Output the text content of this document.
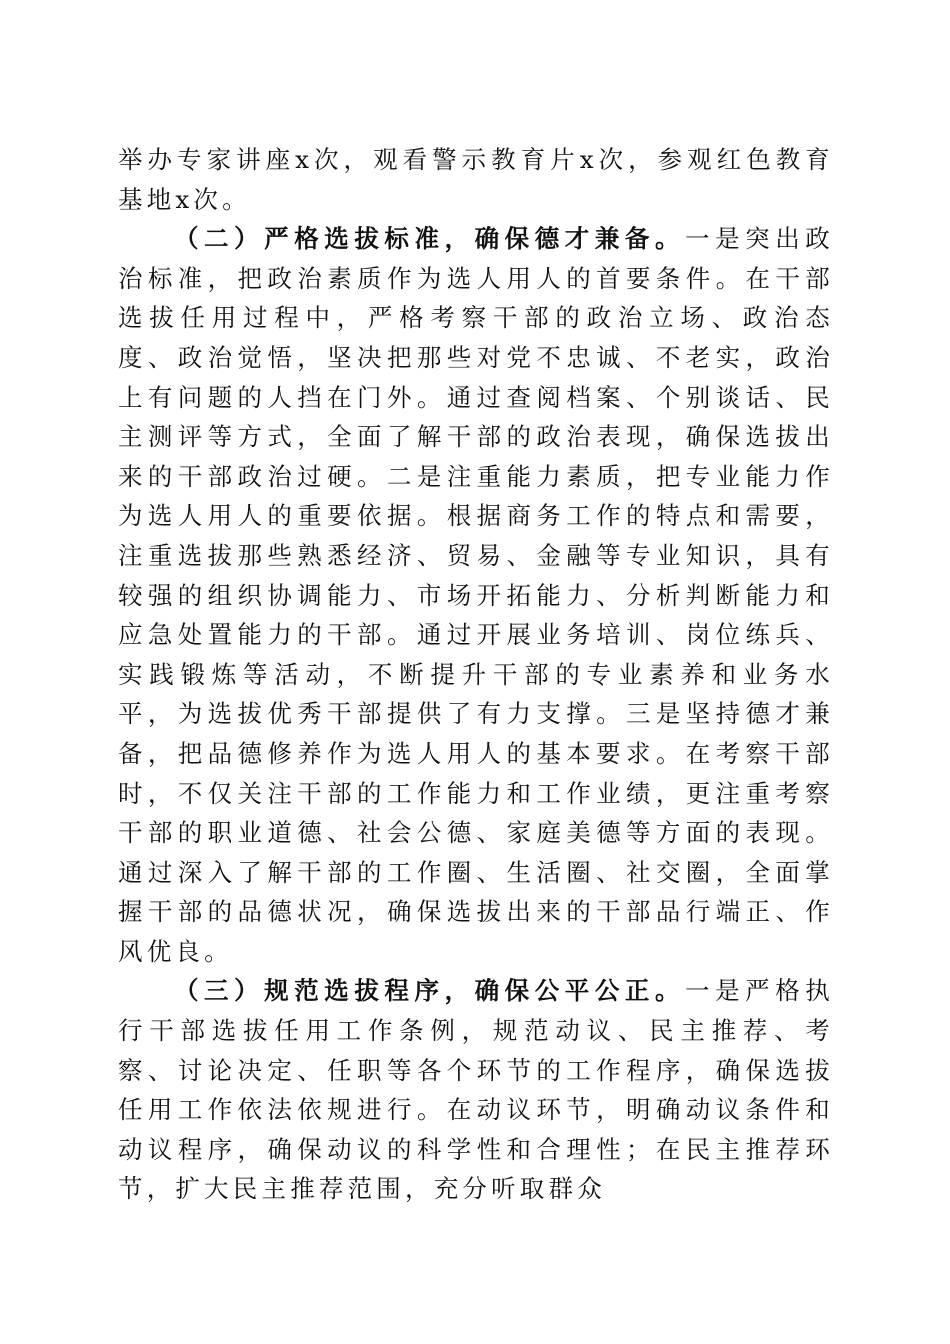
举办专家讲座x次，观看警示教育片x次，参观红色教育基地x次。

（二）严格选拔标准，确保德才兼备。一是突出政治标准，把政治素质作为选人用人的首要条件。在干部选拔任用过程中，严格考察干部的政治立场、政治态度、政治觉悟，坚决把那些对党不忠诚、不老实，政治上有问题的人挡在门外。通过查阅档案、个别谈话、民主测评等方式，全面了解干部的政治表现，确保选拔出来的干部政治过硬。二是注重能力素质，把专业能力作为选人用人的重要依据。根据商务工作的特点和需要，注重选拔那些熟悉经济、贸易、金融等专业知识，具有较强的组织协调能力、市场开拓能力、分析判断能力和应急处置能力的干部。通过开展业务培训、岗位练兵、实践锻炼等活动，不断提升干部的专业素养和业务水平，为选拔优秀干部提供了有力支撑。三是坚持德才兼备，把品德修养作为选人用人的基本要求。在考察干部时，不仅关注干部的工作能力和工作业绩，更注重考察干部的职业道德、社会公德、家庭美德等方面的表现。通过深入了解干部的工作圈、生活圈、社交圈，全面掌握干部的品德状况，确保选拔出来的干部品行端正、作风优良。

（三）规范选拔程序，确保公平公正。一是严格执行干部选拔任用工作条例，规范动议、民主推荐、考察、讨论决定、任职等各个环节的工作程序，确保选拔任用工作依法依规进行。在动议环节，明确动议条件和动议程序，确保动议的科学性和合理性；在民主推荐环节，扩大民主推荐范围，充分听取群众
